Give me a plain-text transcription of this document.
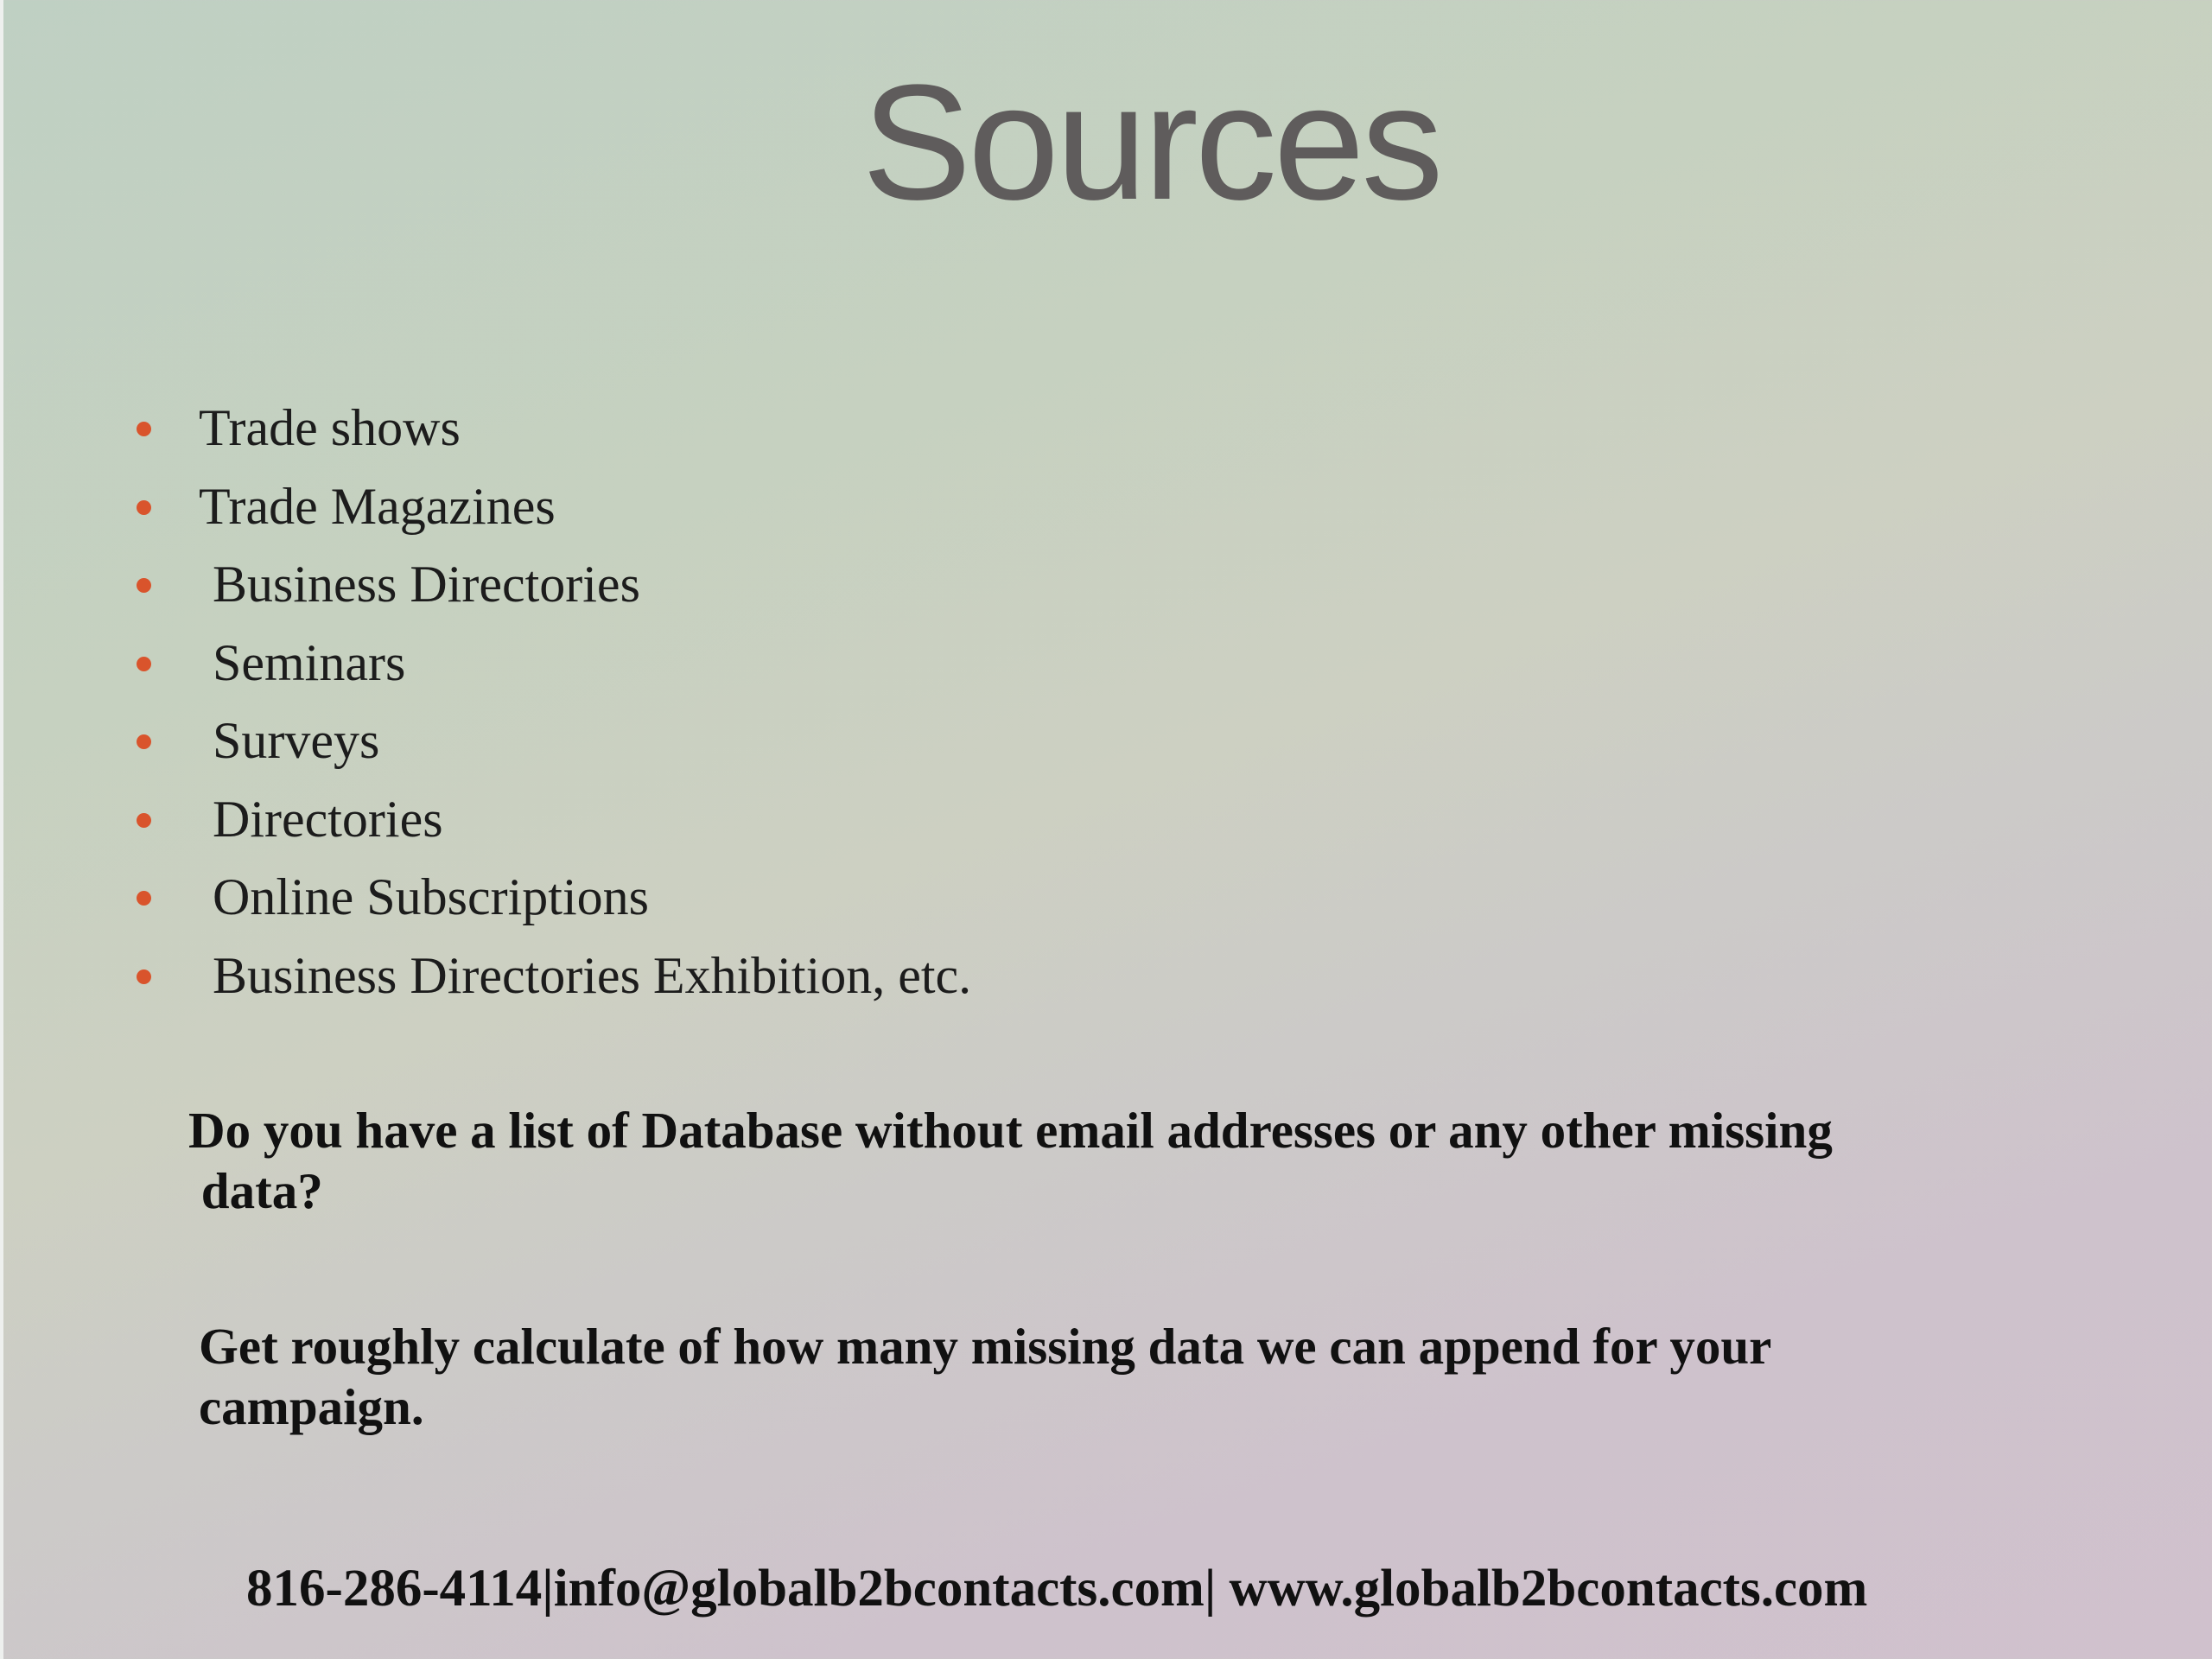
Sources
Trade shows
Trade Magazines
Business Directories
Seminars
Surveys
Directories
Online Subscriptions
Business Directories Exhibition, etc.

Do you have a list of Database without email addresses or any other missing
data?

Get roughly calculate of how many missing data we can append for your
campaign.

816-286-4114|info@globalb2bcontacts.com| www.globalb2bcontacts.com
